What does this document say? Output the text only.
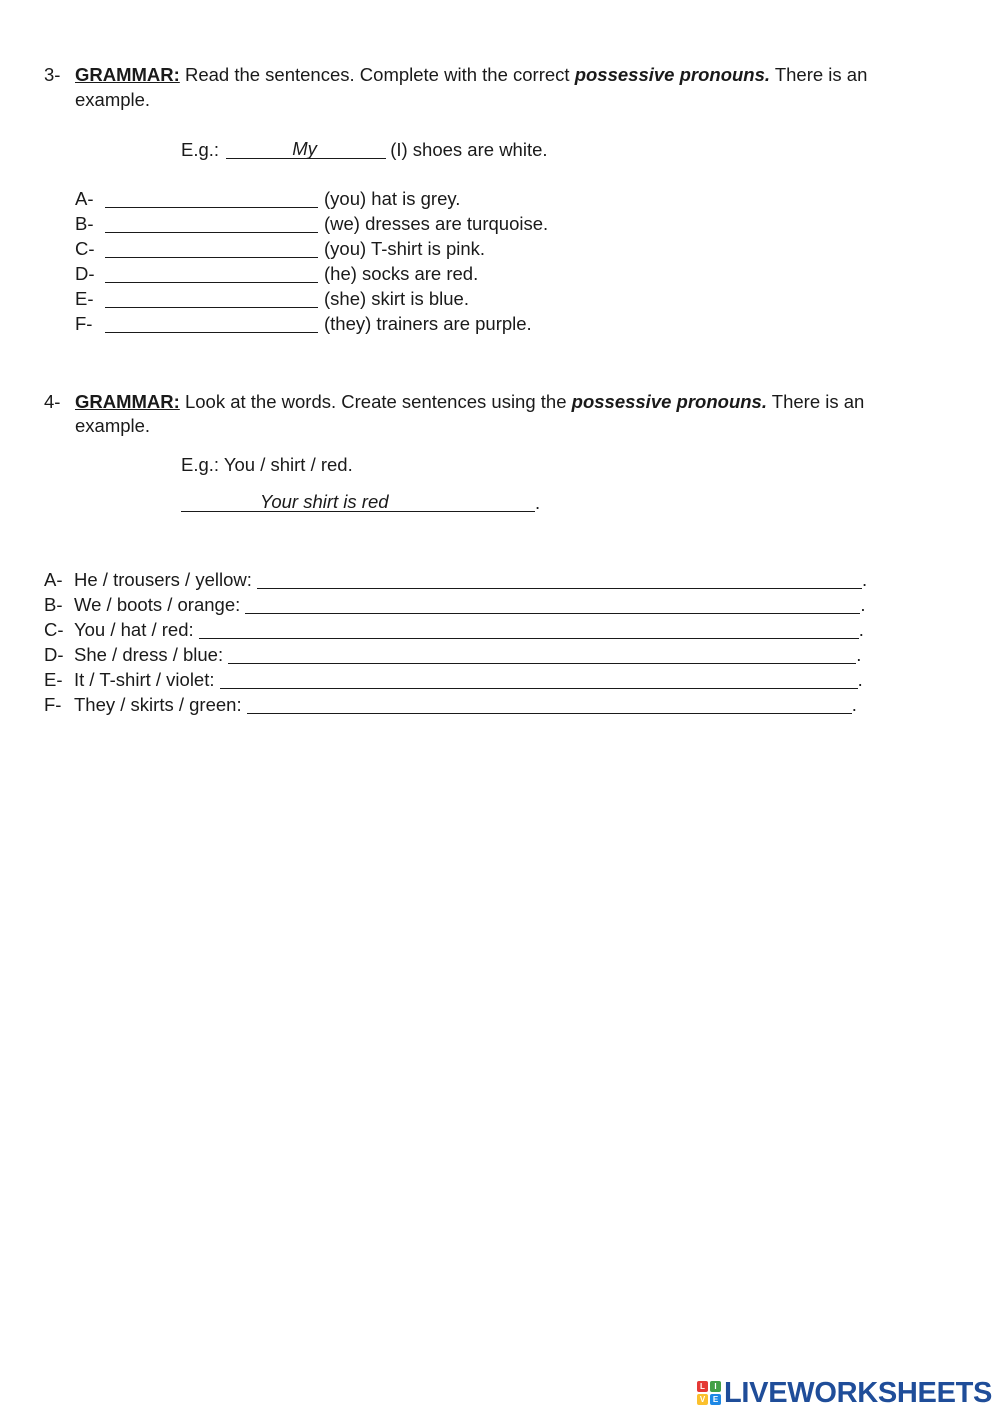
3- GRAMMAR: Read the sentences. Complete with the correct possessive pronouns. There is an
example.
E.g.:	My	(I) shoes are white.
A-	(you) hat is grey.
B-	(we) dresses are turquoise.
C-	(you) T-shirt is pink.
D-	(he) socks are red.
E-	(she) skirt is blue.
F-	(they) trainers are purple.
4- GRAMMAR: Look at the words. Create sentences using the possessive pronouns. There is an
example.
E.g.: You / shirt / red.
Your shirt is red	.
A- He / trousers / yellow:	.
B- We / boots / orange:	.
C- You / hat / red:	.
D- She / dress / blue:	.
E- It / T-shirt / violet:	.
F- They / skirts / green:	.
L	I
V E LIVEWORKSHEETS
